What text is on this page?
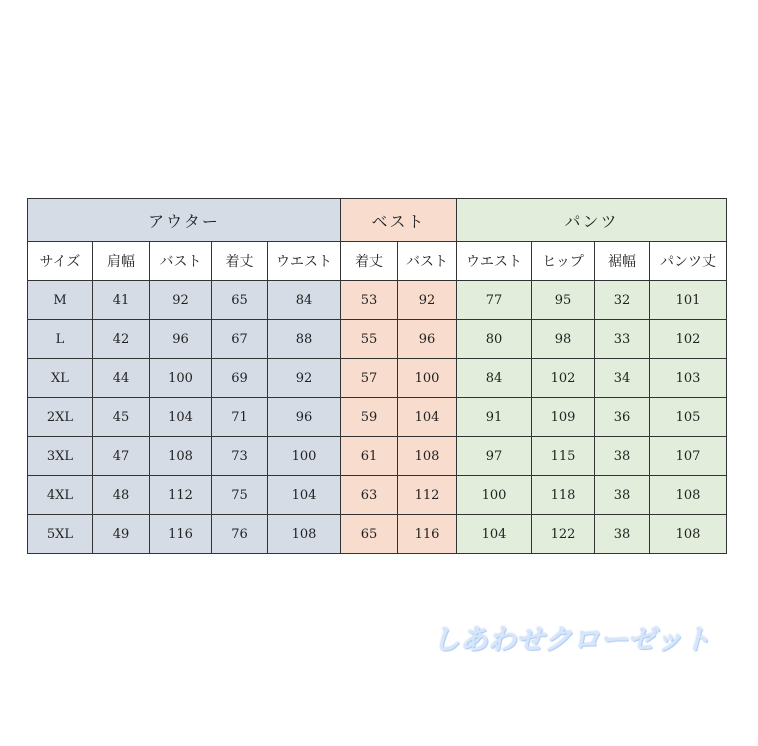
アウター					ベスト		パンツ			
サイズ	肩幅	バスト	着丈	ウエスト	着丈	バスト	ウエスト	ヒップ	裾幅	パンツ丈
M	41	92	65	84	53	92	77	95	32	101
L	42	96	67	88	55	96	80	98	33	102
XL	44	100	69	92	57	100	84	102	34	103
2XL	45	104	71	96	59	104	91	109	36	105
3XL	47	108	73	100	61	108	97	115	38	107
4XL	48	112	75	104	63	112	100	118	38	108
5XL	49	116	76	108	65	116	104	122	38	108
しあわせクローゼット
